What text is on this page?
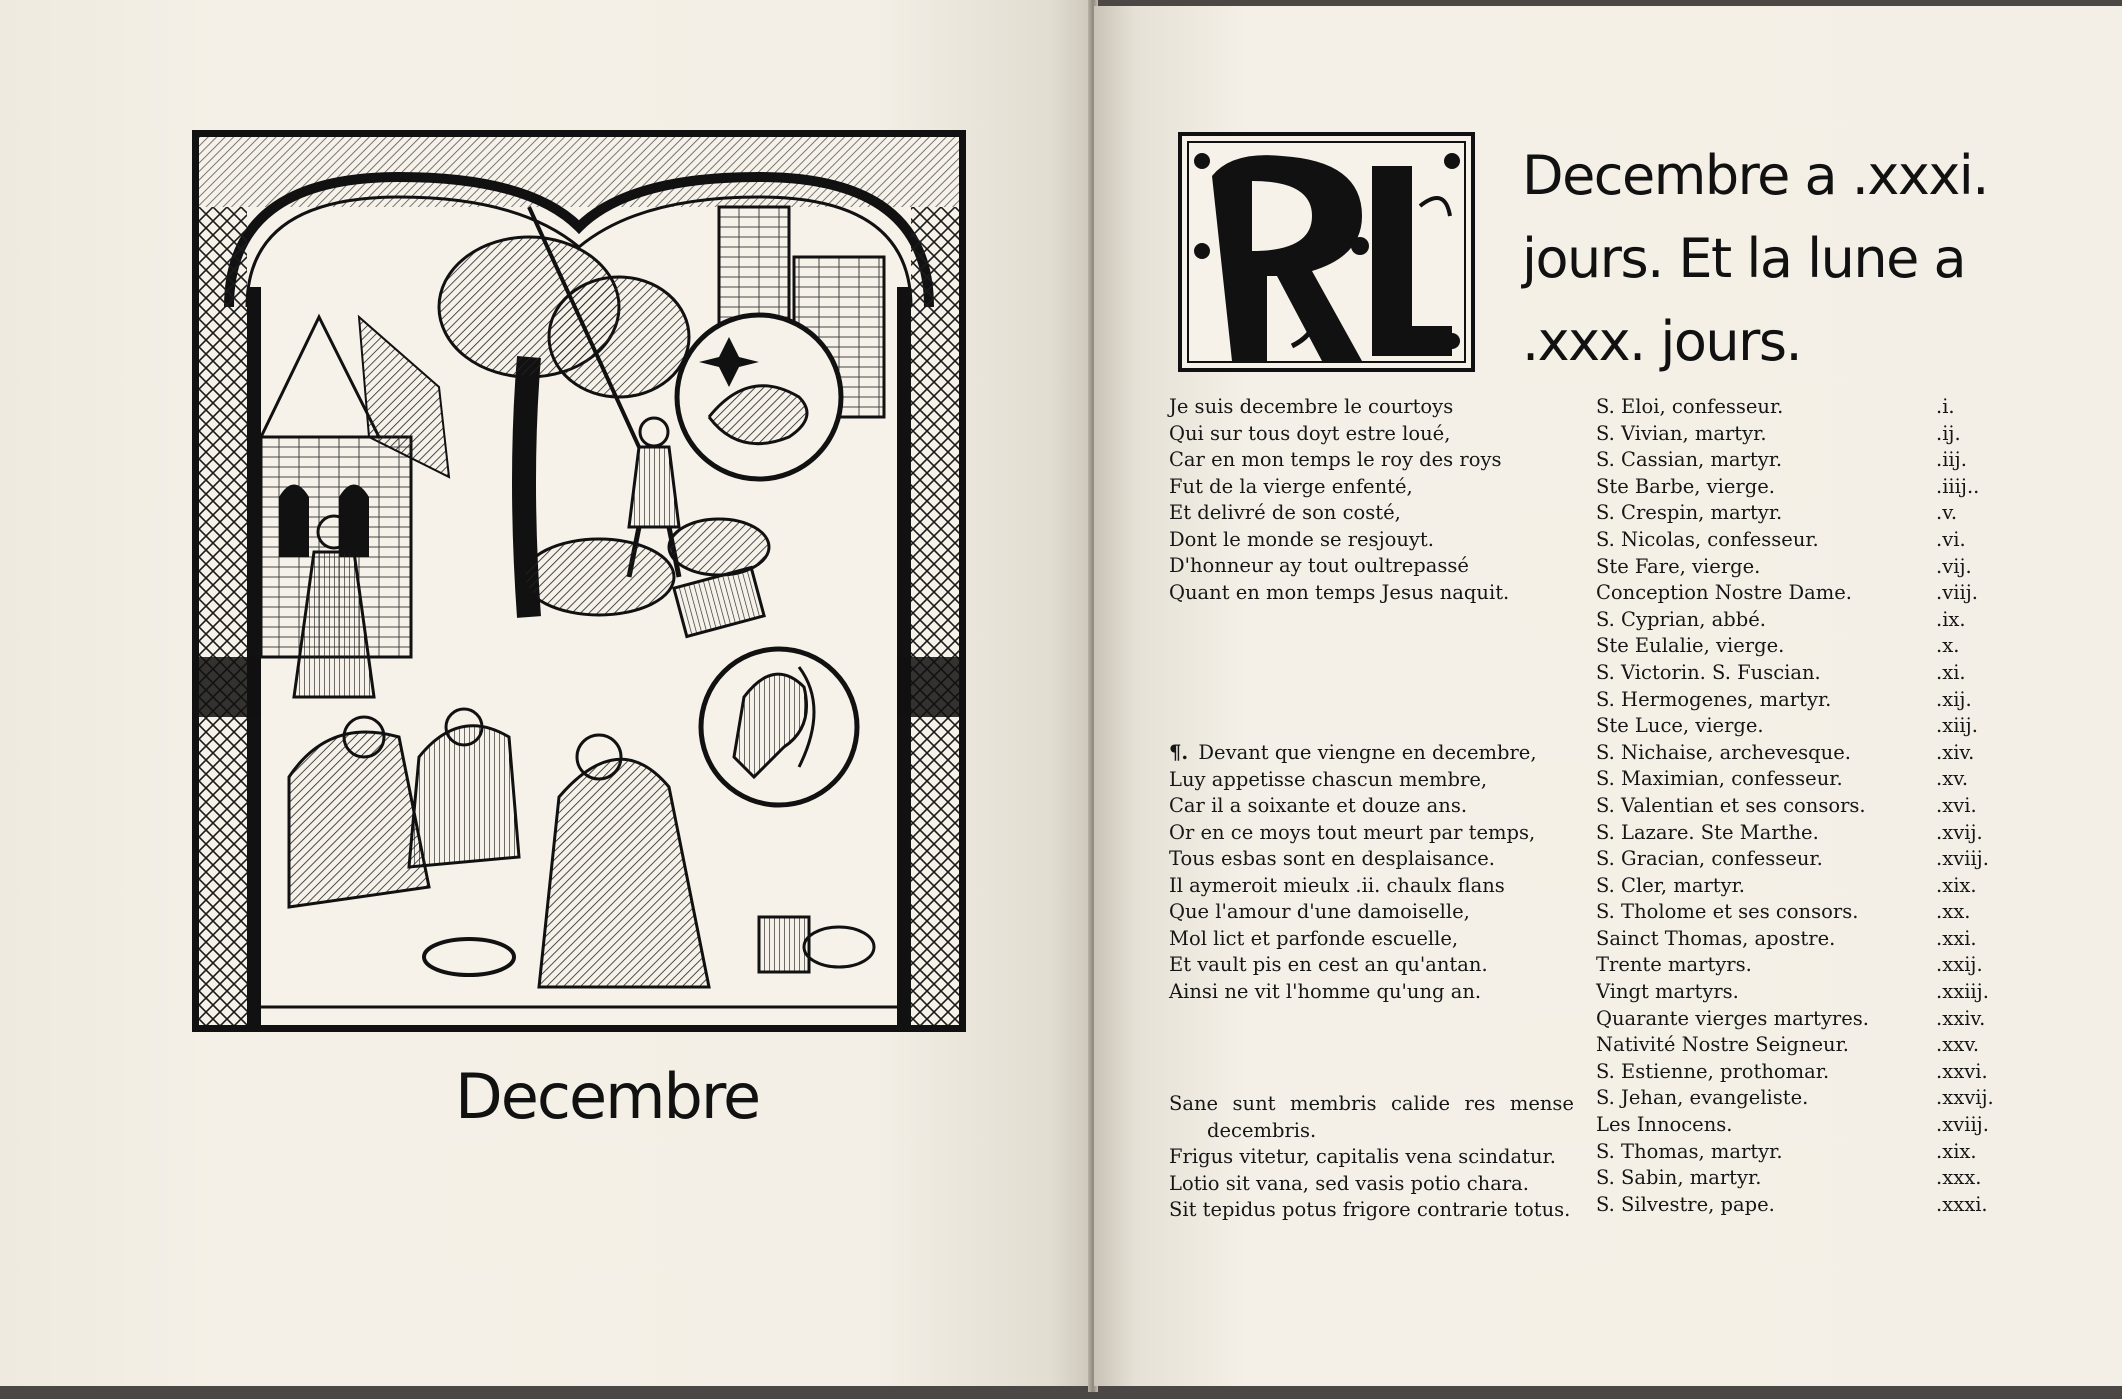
Decembre
Decembre a .xxxi.
jours. Et la lune a
.xxx. jours.
Je suis decembre le courtoys
Qui sur tous doyt estre loué,
Car en mon temps le roy des roys
Fut de la vierge enfenté,
Et delivré de son costé,
Dont le monde se resjouyt.
D'honneur ay tout oultrepassé
Quant en mon temps Jesus naquit.
¶. Devant que viengne en decembre,
Luy appetisse chascun membre,
Car il a soixante et douze ans.
Or en ce moys tout meurt par temps,
Tous esbas sont en desplaisance.
Il aymeroit mieulx .ii. chaulx flans
Que l'amour d'une damoiselle,
Mol lict et parfonde escuelle,
Et vault pis en cest an qu'antan.
Ainsi ne vit l'homme qu'ung an.
Sane sunt membris calide res mense
decembris.
Frigus vitetur, capitalis vena scindatur.
Lotio sit vana, sed vasis potio chara.
Sit tepidus potus frigore contrarie totus.
S. Eloi, confesseur.	.i.
S. Vivian, martyr.	.ij.
S. Cassian, martyr.	.iij.
Ste Barbe, vierge.	.iiij..
S. Crespin, martyr.	.v.
S. Nicolas, confesseur.	.vi.
Ste Fare, vierge.	.vij.
Conception Nostre Dame.	.viij.
S. Cyprian, abbé.	.ix.
Ste Eulalie, vierge.	.x.
S. Victorin. S. Fuscian.	.xi.
S. Hermogenes, martyr.	.xij.
Ste Luce, vierge.	.xiij.
S. Nichaise, archevesque.	.xiv.
S. Maximian, confesseur.	.xv.
S. Valentian et ses consors.	.xvi.
S. Lazare. Ste Marthe.	.xvij.
S. Gracian, confesseur.	.xviij.
S. Cler, martyr.	.xix.
S. Tholome et ses consors.	.xx.
Sainct Thomas, apostre.	.xxi.
Trente martyrs.	.xxij.
Vingt martyrs.	.xxiij.
Quarante vierges martyres.	.xxiv.
Nativité Nostre Seigneur.	.xxv.
S. Estienne, prothomar.	.xxvi.
S. Jehan, evangeliste.	.xxvij.
Les Innocens.	.xviij.
S. Thomas, martyr.	.xix.
S. Sabin, martyr.	.xxx.
S. Silvestre, pape.	.xxxi.
